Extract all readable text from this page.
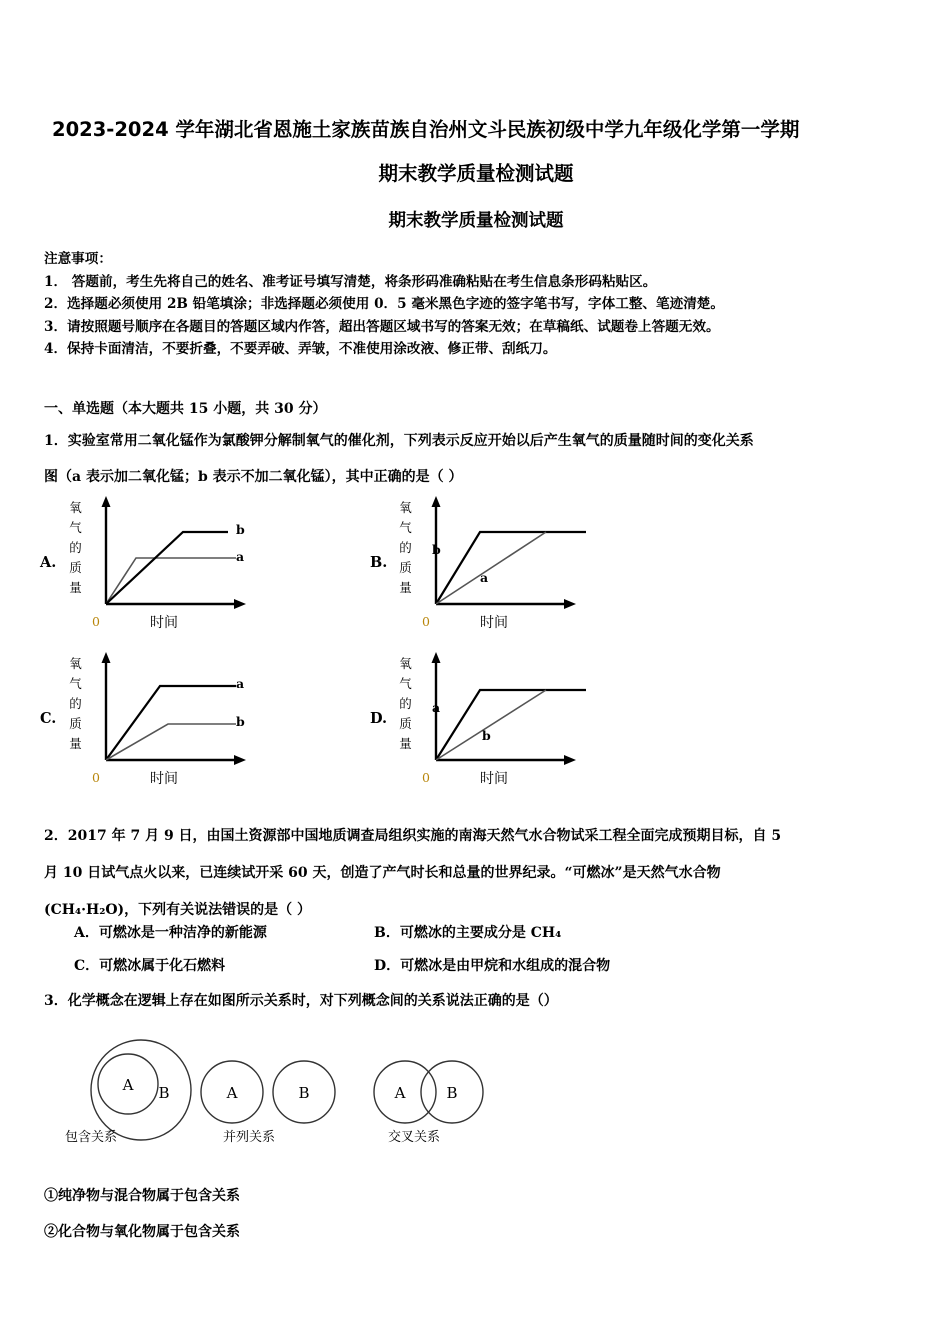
2023-2024 学年湖北省恩施土家族苗族自治州文斗民族初级中学九年级化学第一学期
期末教学质量检测试题
期末教学质量检测试题
注意事项：
1． 答题前，考生先将自己的姓名、准考证号填写清楚，将条形码准确粘贴在考生信息条形码粘贴区。
2．选择题必须使用 2B 铅笔填涂；非选择题必须使用 0．5 毫米黑色字迹的签字笔书写，字体工整、笔迹清楚。
3．请按照题号顺序在各题目的答题区域内作答，超出答题区域书写的答案无效；在草稿纸、试题卷上答题无效。
4．保持卡面清洁，不要折叠，不要弄破、弄皱，不准使用涂改液、修正带、刮纸刀。
一、单选题（本大题共 15 小题，共 30 分）
1．实验室常用二氧化锰作为氯酸钾分解制氧气的催化剂，下列表示反应开始以后产生氧气的质量随时间的变化关系
图（a 表示加二氧化锰；b 表示不加二氧化锰），其中正确的是（ ）
A.
氧
气
的
质
量
b
a
0	时间
B.
氧
气
的
质
量
b
a
0	时间
C.
氧
气
的
质
量
a
b
0	时间
D.
氧
气
的
质
量
a
b
0	时间
2．2017 年 7 月 9 日，由国土资源部中国地质调查局组织实施的南海天然气水合物试采工程全面完成预期目标，自 5
月 10 日试气点火以来，已连续试开采 60 天，创造了产气时长和总量的世界纪录。“可燃冰”是天然气水合物
(CH₄·H₂O)，下列有关说法错误的是（ ）
A．可燃冰是一种洁净的新能源	B．可燃冰的主要成分是 CH₄
C．可燃冰属于化石燃料	D．可燃冰是由甲烷和水组成的混合物
3．化学概念在逻辑上存在如图所示关系时，对下列概念间的关系说法正确的是（）
A B	A	B	A	B
包含关系	并列关系	交叉关系
①纯净物与混合物属于包含关系
②化合物与氧化物属于包含关系
